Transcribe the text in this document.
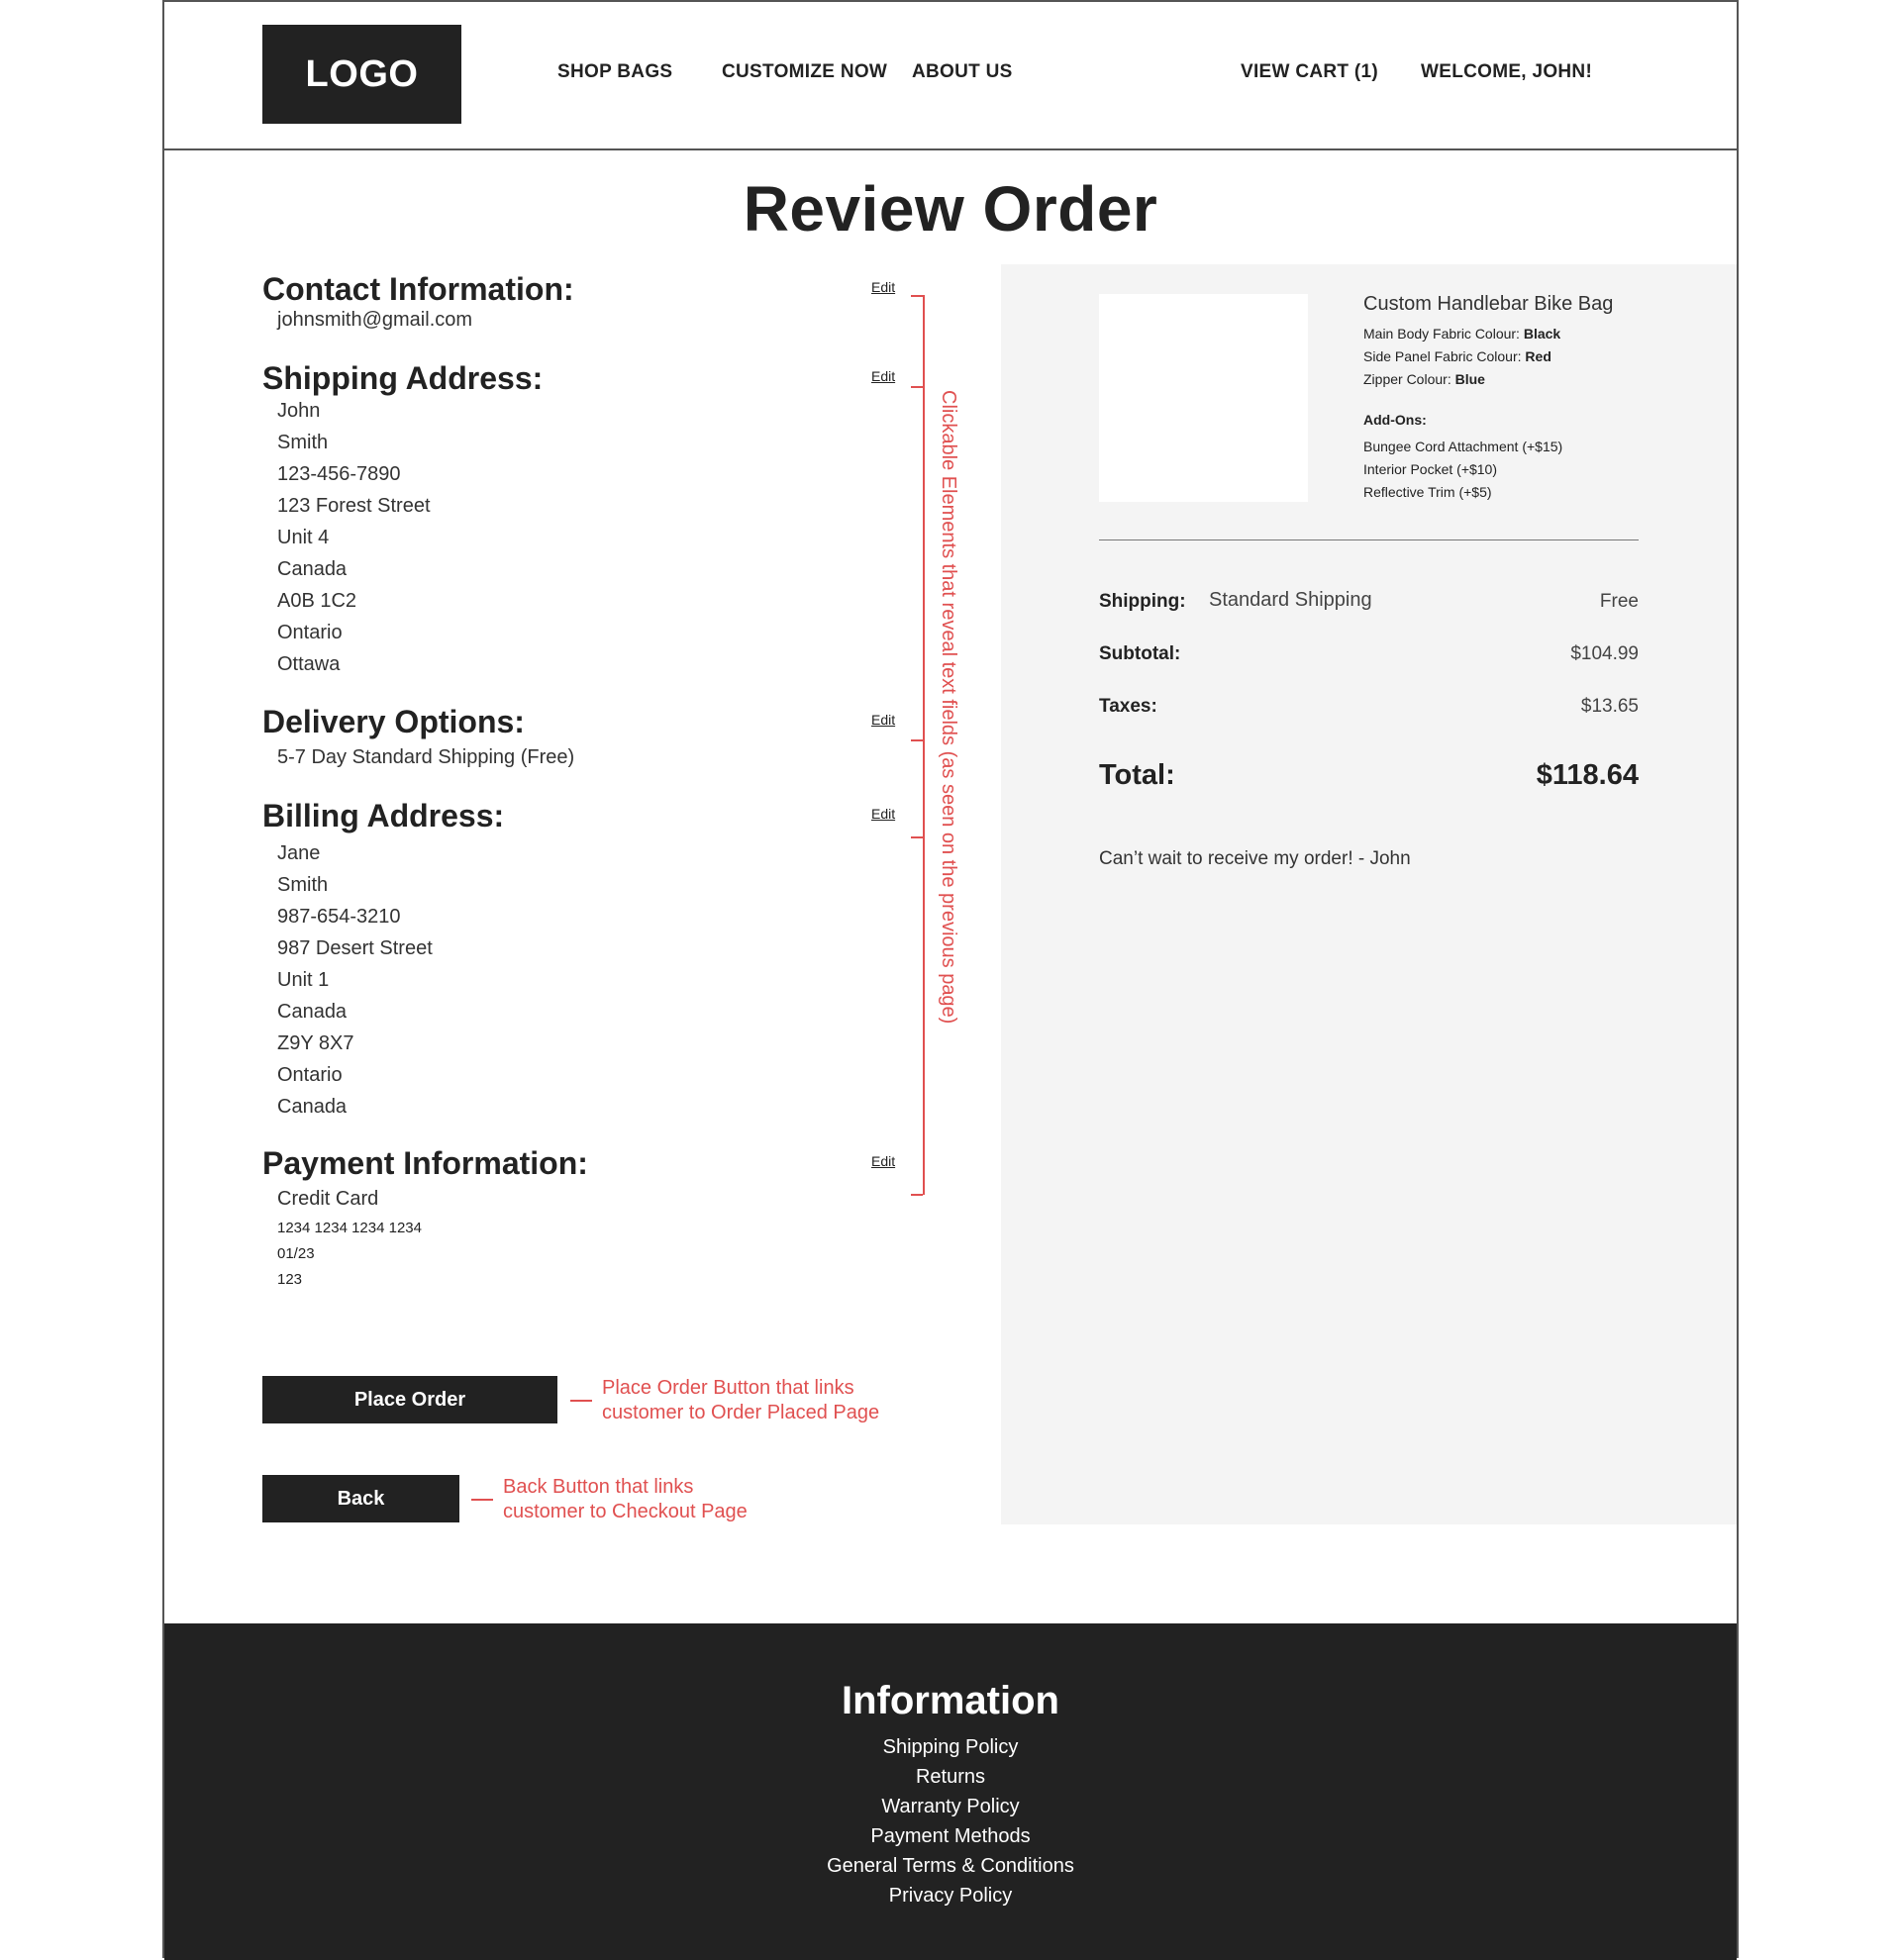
LOGO	SHOP BAGS	CUSTOMIZE NOW ABOUT US	VIEW CART (1) WELCOME, JOHN!
Review Order
Contact Information:	Edit
johnsmith@gmail.com
Shipping Address:	Edit
John
Smith
123-456-7890
123 Forest Street
Unit 4
Canada
A0B 1C2
Ontario
Ottawa
Delivery Options:	Edit
5-7 Day Standard Shipping (Free)
Billing Address:	Edit
Jane
Smith
987-654-3210
987 Desert Street
Unit 1
Canada
Z9Y 8X7
Ontario
Canada
Payment Information:	Edit
Credit Card
1234 1234 1234 1234
01/23
123
Clickable Elements that reveal text fields (as seen on the previous page)
Place Order
Place Order Button that links
customer to Order Placed Page
Back
Back Button that links
customer to Checkout Page
Custom Handlebar Bike Bag
Main Body Fabric Colour: Black
Side Panel Fabric Colour: Red
Zipper Colour: Blue
Add-Ons:
Bungee Cord Attachment (+$15)
Interior Pocket (+$10)
Reflective Trim (+$5)
Shipping: Standard Shipping	Free
Subtotal:	$104.99
Taxes:	$13.65
Total:	$118.64
Can’t wait to receive my order! - John
Information
Shipping Policy
Returns
Warranty Policy
Payment Methods
General Terms & Conditions
Privacy Policy
